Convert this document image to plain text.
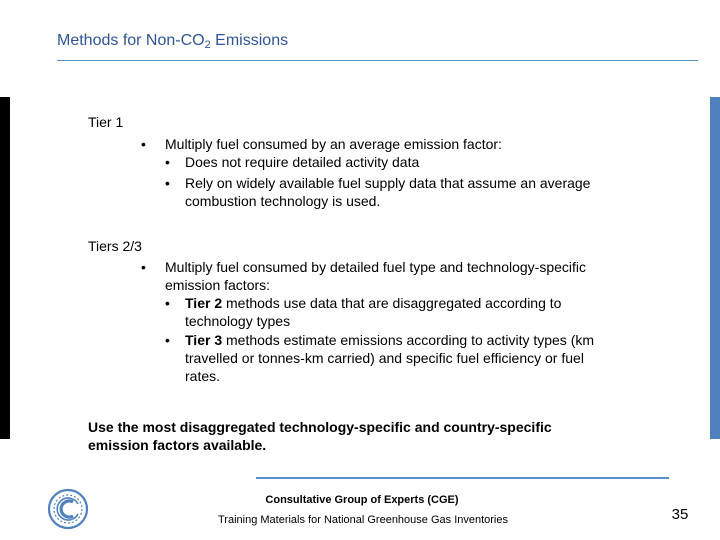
Methods for Non-$CO_2$ Emissions
Tier 1
• Multiply fuel consumed by an average emission factor:
• Does not require detailed activity data
• Rely on widely available fuel supply data that assume an average
combustion technology is used.
Tiers 2/3
• Multiply fuel consumed by detailed fuel type and technology-specific
emission factors:
• Tier 2 methods use data that are disaggregated according to
technology types
• Tier 3 methods estimate emissions according to activity types (km
travelled or tonnes-km carried) and specific fuel efficiency or fuel
rates.
Use the most disaggregated technology-specific and country-specific
emission factors available.
Consultative Group of Experts (CGE)
Training Materials for National Greenhouse Gas Inventories	35
